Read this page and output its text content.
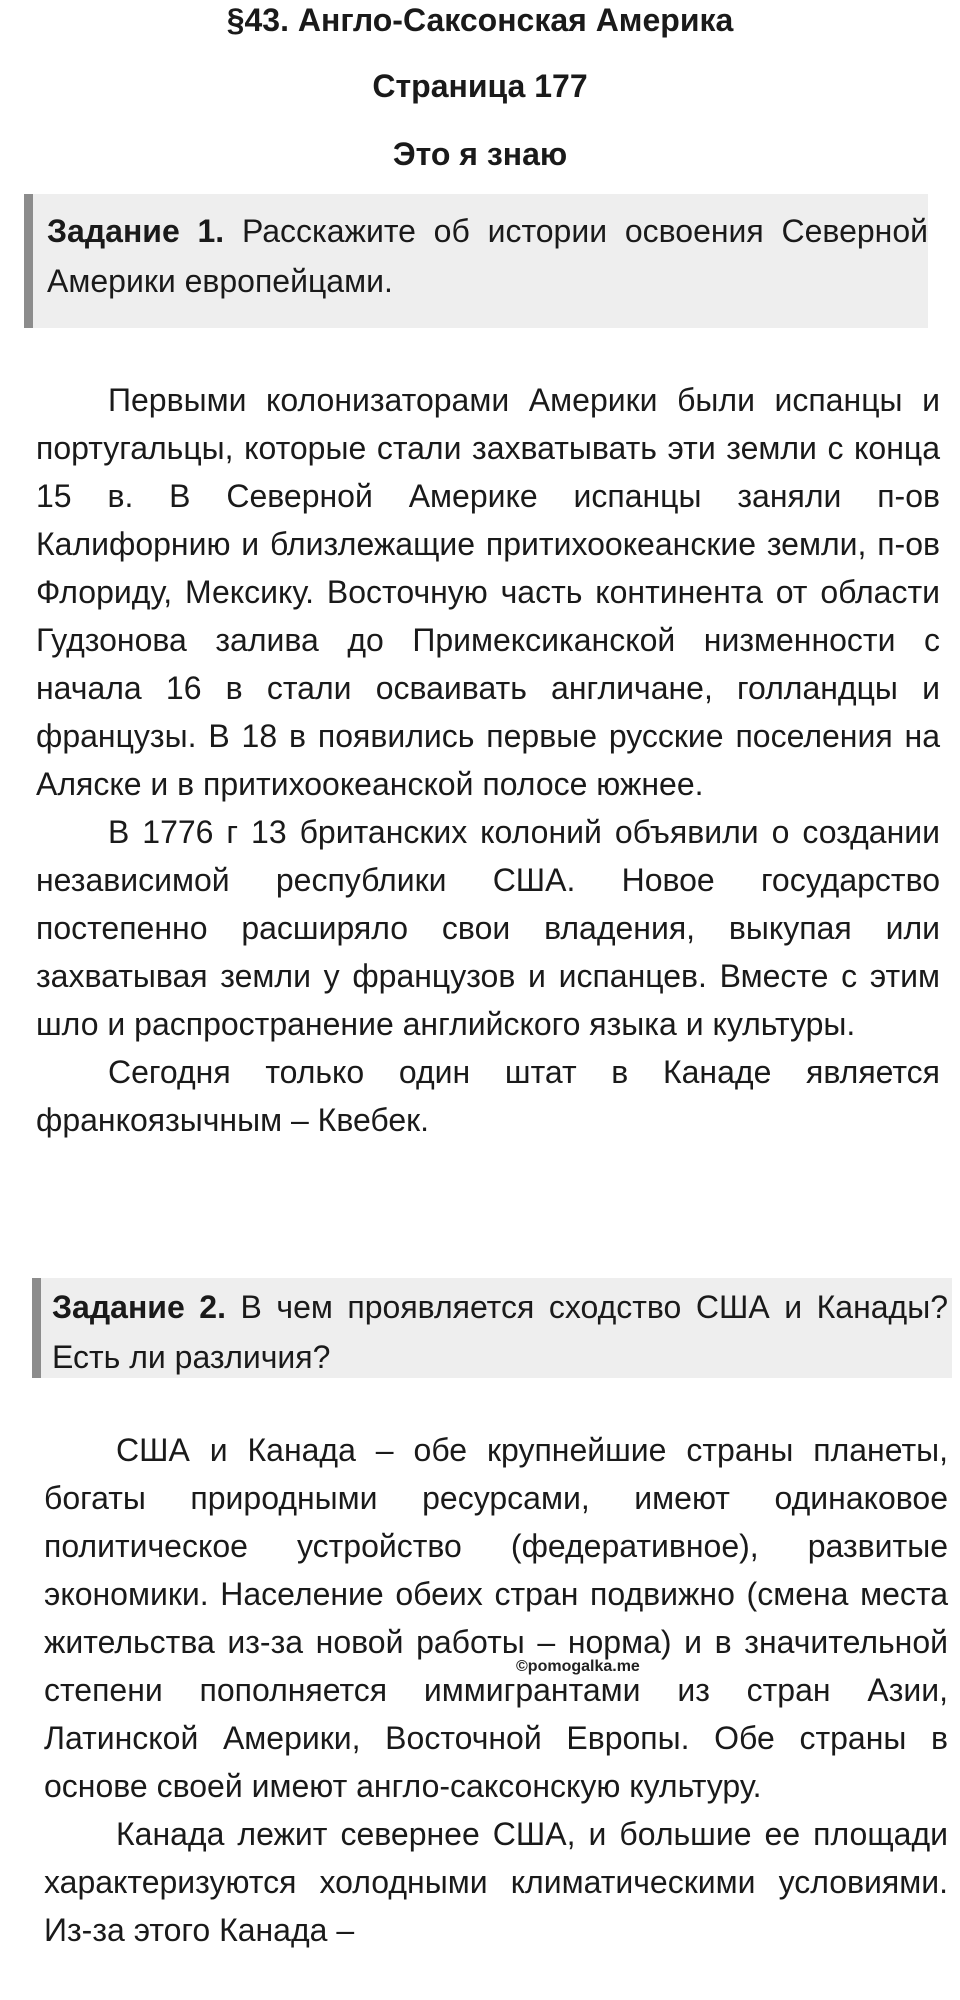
§43. Англо-Саксонская Америка
Страница 177
Это я знаю
Задание 1. Расскажите об истории освоения Северной Америки европейцами.

Первыми колонизаторами Америки были испанцы и португальцы, которые стали захватывать эти земли с конца 15 в. В Северной Америке испанцы заняли п-ов Калифорнию и близлежащие притихоокеанские земли, п-ов Флориду, Мексику. Восточную часть континента от области Гудзонова залива до Примексиканской низменности с начала 16 в стали осваивать англичане, голландцы и французы. В 18 в появились первые русские поселения на Аляске и в притихоокеанской полосе южнее.

В 1776 г 13 британских колоний объявили о создании независимой республики США. Новое государство постепенно расширяло свои владения, выкупая или захватывая земли у французов и испанцев. Вместе с этим шло и распространение английского языка и культуры.

Сегодня только один штат в Канаде является франкоязычным – Квебек.

Задание 2. В чем проявляется сходство США и Канады? Есть ли различия?

США и Канада – обе крупнейшие страны планеты, богаты природными ресурсами, имеют одинаковое политическое устройство (федеративное), развитые экономики. Население обеих стран подвижно (смена места жительства из-за новой работы – норма) и в значительной степени пополняется иммигрантами из стран Азии, Латинской Америки, Восточной Европы. Обе страны в основе своей имеют англо-саксонскую культуру.

Канада лежит севернее США, и большие ее площади характеризуются холодными климатическими условиями. Из-за этого Канада –

©pomogalka.me
